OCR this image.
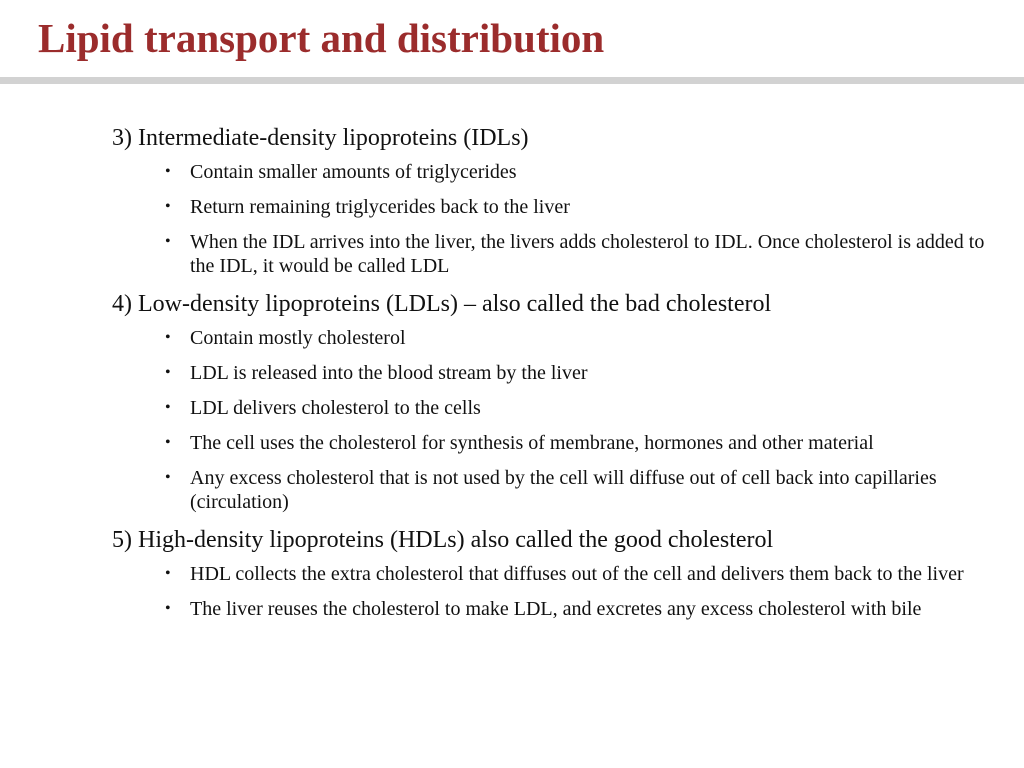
Lipid transport and distribution
3) Intermediate-density lipoproteins (IDLs)
• Contain smaller amounts of triglycerides
• Return remaining triglycerides back to the liver
• When the IDL arrives into the liver, the livers adds cholesterol to IDL. Once cholesterol is added to the IDL, it would be called LDL
4) Low-density lipoproteins (LDLs) – also called the bad cholesterol
• Contain mostly cholesterol
• LDL is released into the blood stream by the liver
• LDL delivers cholesterol to the cells
• The cell uses the cholesterol for synthesis of membrane, hormones and other material
• Any excess cholesterol that is not used by the cell will diffuse out of cell back into capillaries (circulation)
5) High-density lipoproteins (HDLs) also called the good cholesterol
• HDL collects the extra cholesterol that diffuses out of the cell and delivers them back to the liver
• The liver reuses the cholesterol to make LDL, and excretes any excess cholesterol with bile
